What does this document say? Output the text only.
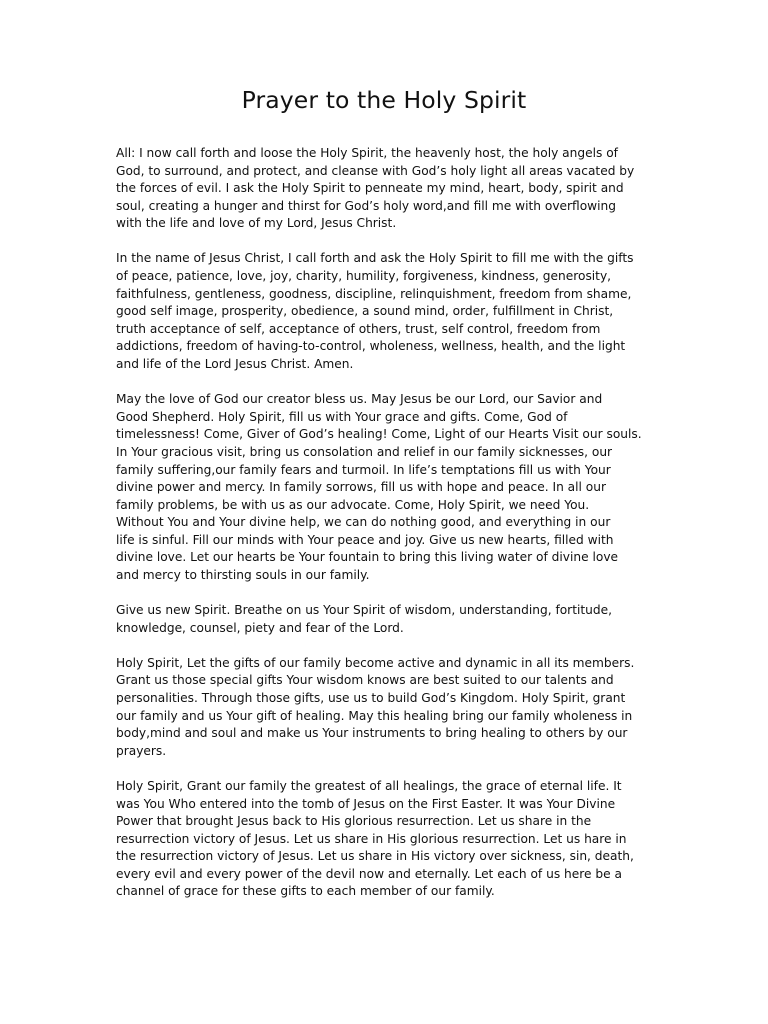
Prayer to the Holy Spirit

All: I now call forth and loose the Holy Spirit, the heavenly host, the holy angels of
God, to surround, and protect, and cleanse with God’s holy light all areas vacated by
the forces of evil. I ask the Holy Spirit to penneate my mind, heart, body, spirit and
soul, creating a hunger and thirst for God’s holy word,and fill me with overflowing
with the life and love of my Lord, Jesus Christ.

In the name of Jesus Christ, I call forth and ask the Holy Spirit to fill me with the gifts
of peace, patience, love, joy, charity, humility, forgiveness, kindness, generosity,
faithfulness, gentleness, goodness, discipline, relinquishment, freedom from shame,
good self image, prosperity, obedience, a sound mind, order, fulfillment in Christ,
truth acceptance of self, acceptance of others, trust, self control, freedom from
addictions, freedom of having-to-control, wholeness, wellness, health, and the light
and life of the Lord Jesus Christ. Amen.

May the love of God our creator bless us. May Jesus be our Lord, our Savior and
Good Shepherd. Holy Spirit, fill us with Your grace and gifts. Come, God of
timelessness! Come, Giver of God’s healing! Come, Light of our Hearts Visit our souls.
In Your gracious visit, bring us consolation and relief in our family sicknesses, our
family suffering,our family fears and turmoil. In life’s temptations fill us with Your
divine power and mercy. In family sorrows, fill us with hope and peace. In all our
family problems, be with us as our advocate. Come, Holy Spirit, we need You.
Without You and Your divine help, we can do nothing good, and everything in our
life is sinful. Fill our minds with Your peace and joy. Give us new hearts, filled with
divine love. Let our hearts be Your fountain to bring this living water of divine love
and mercy to thirsting souls in our family.

Give us new Spirit. Breathe on us Your Spirit of wisdom, understanding, fortitude,
knowledge, counsel, piety and fear of the Lord.

Holy Spirit, Let the gifts of our family become active and dynamic in all its members.
Grant us those special gifts Your wisdom knows are best suited to our talents and
personalities. Through those gifts, use us to build God’s Kingdom. Holy Spirit, grant
our family and us Your gift of healing. May this healing bring our family wholeness in
body,mind and soul and make us Your instruments to bring healing to others by our
prayers.

Holy Spirit, Grant our family the greatest of all healings, the grace of eternal life. It
was You Who entered into the tomb of Jesus on the First Easter. It was Your Divine
Power that brought Jesus back to His glorious resurrection. Let us share in the
resurrection victory of Jesus. Let us share in His glorious resurrection. Let us hare in
the resurrection victory of Jesus. Let us share in His victory over sickness, sin, death,
every evil and every power of the devil now and eternally. Let each of us here be a
channel of grace for these gifts to each member of our family.
